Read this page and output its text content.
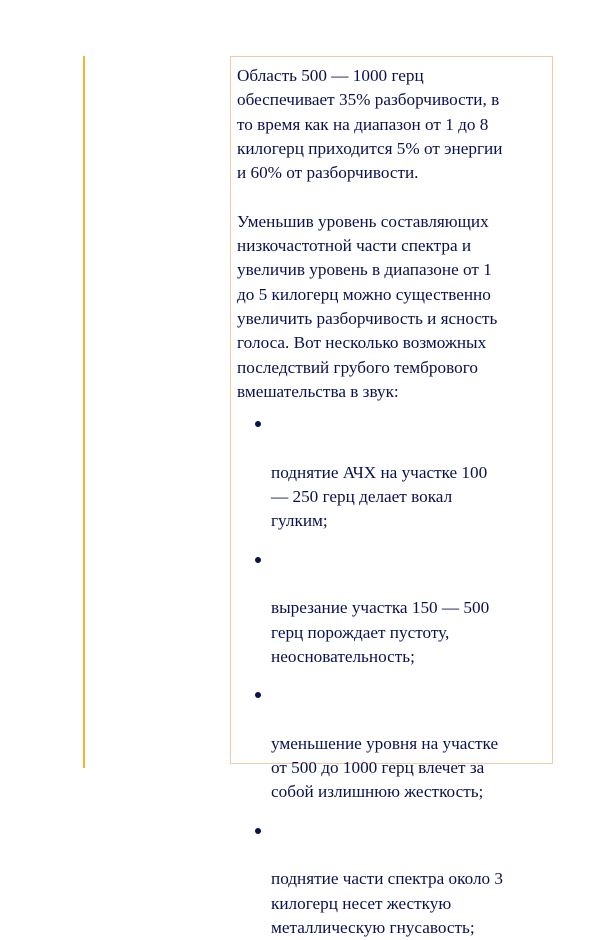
Область 500 — 1000 герц
обеспечивает 35% разборчивости, в
то время как на диапазон от 1 до 8
килогерц приходится 5% от энергии
и 60% от разборчивости.

Уменьшив уровень составляющих
низкочастотной части спектра и
увеличив уровень в диапазоне от 1
до 5 килогерц можно существенно
увеличить разборчивость и ясность
голоса. Вот несколько возможных
последствий грубого тембрового
вмешательства в звук:

поднятие АЧХ на участке 100
— 250 герц делает вокал
гулким;

вырезание участка 150 — 500
герц порождает пустоту,
неосновательность;

уменьшение уровня на участке
от 500 до 1000 герц влечет за
собой излишнюю жесткость;

поднятие части спектра около 3
килогерц несет жесткую
металлическую гнусавость;
